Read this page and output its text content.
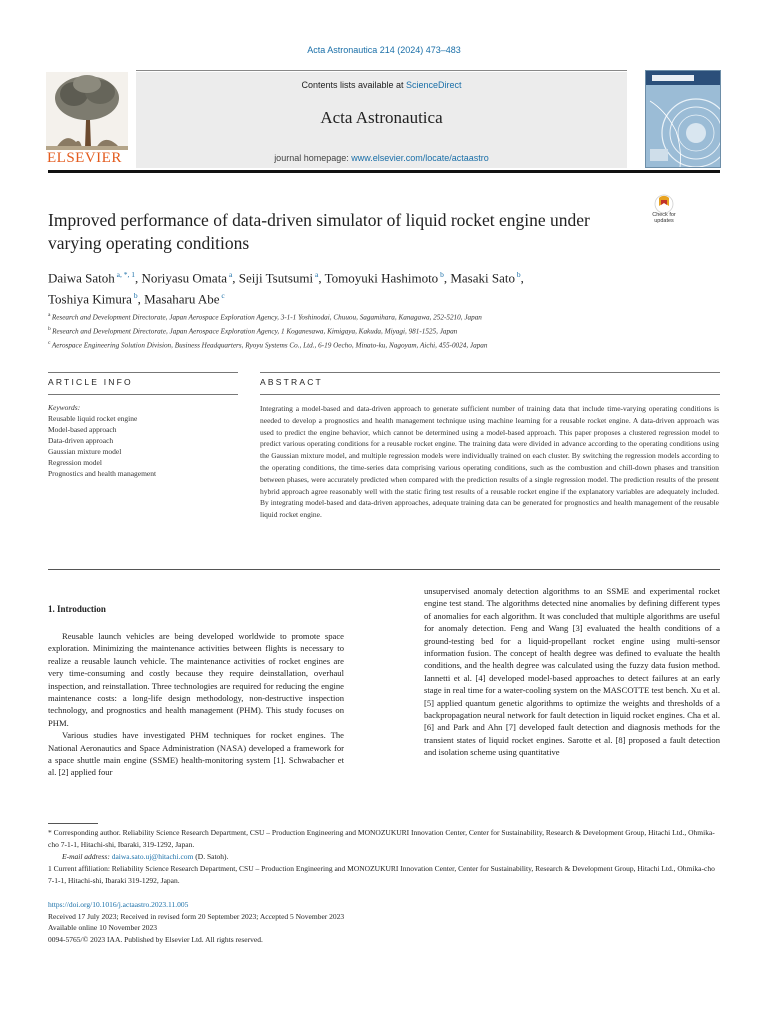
Acta Astronautica 214 (2024) 473–483
ELSEVIER
Contents lists available at ScienceDirect
Acta Astronautica
journal homepage: www.elsevier.com/locate/actaastro
Improved performance of data-driven simulator of liquid rocket engine under varying operating conditions
Check for updates
Daiwa Satoh $^{a, *, 1}$, Noriyasu Omata $^a$, Seiji Tsutsumi $^a$, Tomoyuki Hashimoto $^b$, Masaki Sato $^b$,
Toshiya Kimura $^b$, Masaharu Abe $^c$
$^a$ Research and Development Directorate, Japan Aerospace Exploration Agency, 3-1-1 Yoshinodai, Chuuou, Sagamihara, Kanagawa, 252-5210, Japan
$^b$ Research and Development Directorate, Japan Aerospace Exploration Agency, 1 Koganesawa, Kimigaya, Kakuda, Miyagi, 981-1525, Japan
$^c$ Aerospace Engineering Solution Division, Business Headquarters, Ryoyu Systems Co., Ltd., 6-19 Oecho, Minato-ku, Nagoyam, Aichi, 455-0024, Japan
ARTICLE INFO	ABSTRACT
Keywords:
Reusable liquid rocket engine
Model-based approach
Data-driven approach
Gaussian mixture model
Regression model
Prognostics and health management
Integrating a model-based and data-driven approach to generate sufficient number of training data that include time-varying operating conditions is needed to develop a prognostics and health management technique using machine learning for a reusable rocket engine. A data-driven approach was used to predict the engine behavior, which cannot be determined using a model-based approach. This paper proposes a clustered regression model to predict various operating conditions for a reusable rocket engine. The training data were divided in advance according to the operating conditions using the Gaussian mixture model, and multiple regression models were individually trained on each cluster. By switching the regression models according to the operating conditions, the time-series data comprising various operating conditions, such as the combustion and chill-down phases and transition between phases, were accurately predicted when compared with the prediction results of a single regression model. The prediction results of the present hybrid approach agree reasonably well with the static firing test results of a reusable rocket engine if the explanatory variables are adequately included. By integrating model-based and data-driven approaches, adequate training data can be generated for prognostics and health management of the reusable liquid rocket engine.
1. Introduction

Reusable launch vehicles are being developed worldwide to promote space exploration. Minimizing the maintenance activities between flights is necessary to realize a reusable launch vehicle. The maintenance activities of rocket engines are very time-consuming and costly because they require deinstallation, overhaul inspection, and reinstallation. Three technologies are required for reducing the engine maintenance costs: a long-life design methodology, non-destructive inspection technology, and prognostics and health management (PHM). This study focuses on PHM.

Various studies have investigated PHM techniques for rocket engines. The National Aeronautics and Space Administration (NASA) developed a framework for a space shuttle main engine (SSME) health-monitoring system [1]. Schwabacher et al. [2] applied four

unsupervised anomaly detection algorithms to an SSME and experimental rocket engine test stand. The algorithms detected nine anomalies by defining different types of anomalies for each algorithm. It was concluded that multiple algorithms are useful for anomaly detection. Feng and Wang [3] evaluated the health conditions of a ground-testing bed for a liquid-propellant rocket engine using multi-sensor information fusion. The concept of health degree was defined to evaluate the health conditions, and the health degree was calculated using the fuzzy data fusion method. Iannetti et al. [4] developed model-based approaches to detect failures at an early stage in real time for a water-cooling system on the MASCOTTE test bench. Xu et al. [5] applied quantum genetic algorithms to optimize the weights and thresholds of a backpropagation neural network for fault detection in liquid rocket engines. Cha et al. [6] and Park and Ahn [7] developed fault detection and diagnosis methods for the transient states of liquid rocket engines. Sarotte et al. [8] proposed a fault detection and isolation scheme using quantitative

* Corresponding author. Reliability Science Research Department, CSU – Production Engineering and MONOZUKURI Innovation Center, Center for Sustainability, Research & Development Group, Hitachi Ltd., Ohmika-cho 7-1-1, Hitachi-shi, Ibaraki, 319-1292, Japan.

E-mail address: daiwa.sato.uj@hitachi.com (D. Satoh).

1 Current affiliation: Reliability Science Research Department, CSU – Production Engineering and MONOZUKURI Innovation Center, Center for Sustainability, Research & Development Group, Hitachi Ltd., Ohmika-cho 7-1-1, Hitachi-shi, Ibaraki 319-1292, Japan.

https://doi.org/10.1016/j.actaastro.2023.11.005

Received 17 July 2023; Received in revised form 20 September 2023; Accepted 5 November 2023

Available online 10 November 2023

0094-5765/© 2023 IAA. Published by Elsevier Ltd. All rights reserved.
